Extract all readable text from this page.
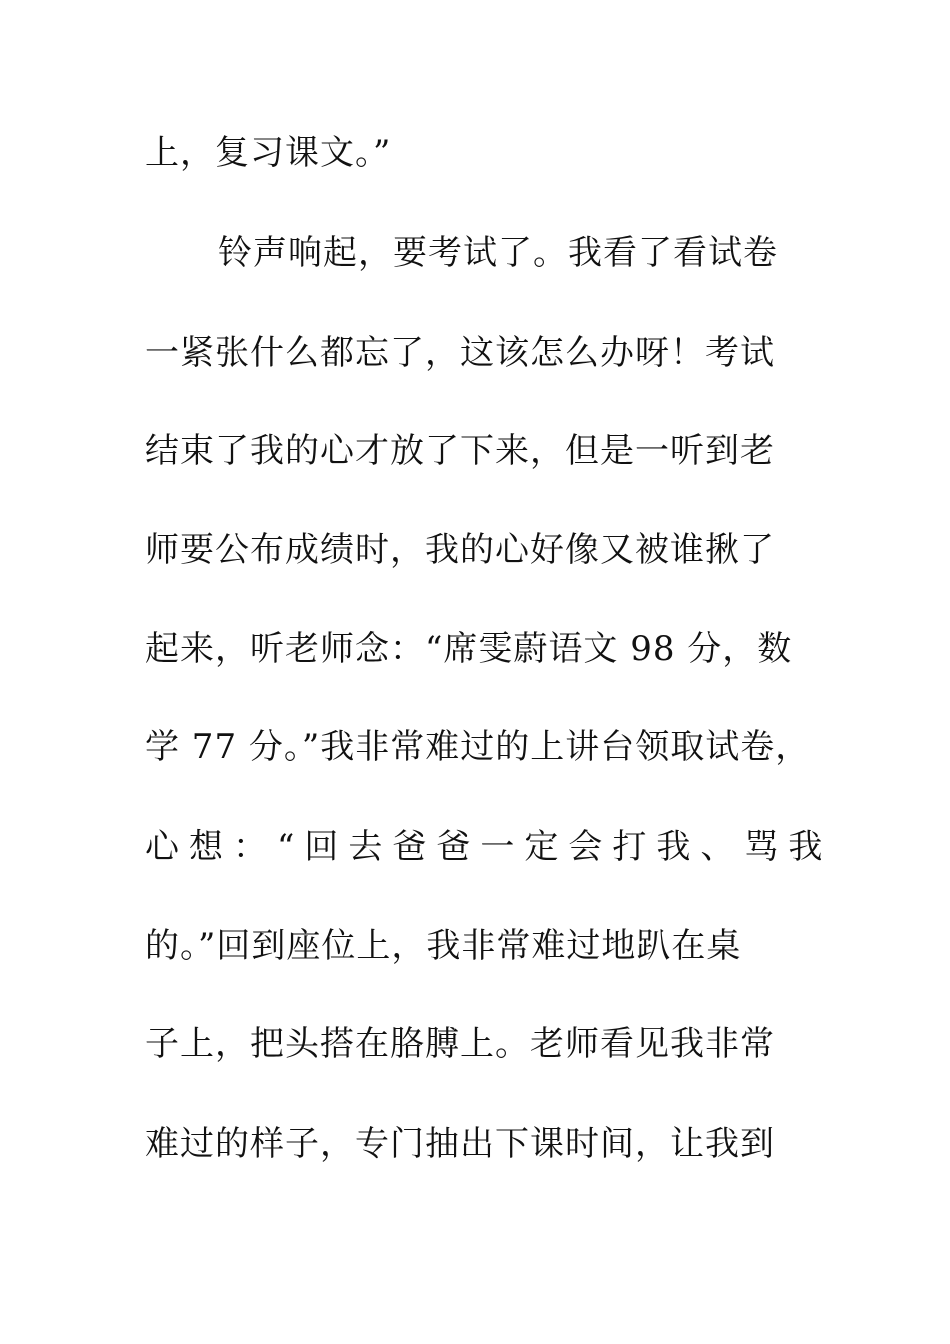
上，复习课文。”
铃声响起，要考试了。我看了看试卷
一紧张什么都忘了，这该怎么办呀！考试
结束了我的心才放了下来，但是一听到老
师要公布成绩时，我的心好像又被谁揪了
起来，听老师念：“席雯蔚语文 98 分，数
学 77 分。”我非常难过的上讲台领取试卷，
心想：“回去爸爸一定会打我、骂我
的。”回到座位上，我非常难过地趴在桌
子上，把头搭在胳膊上。老师看见我非常
难过的样子，专门抽出下课时间，让我到
